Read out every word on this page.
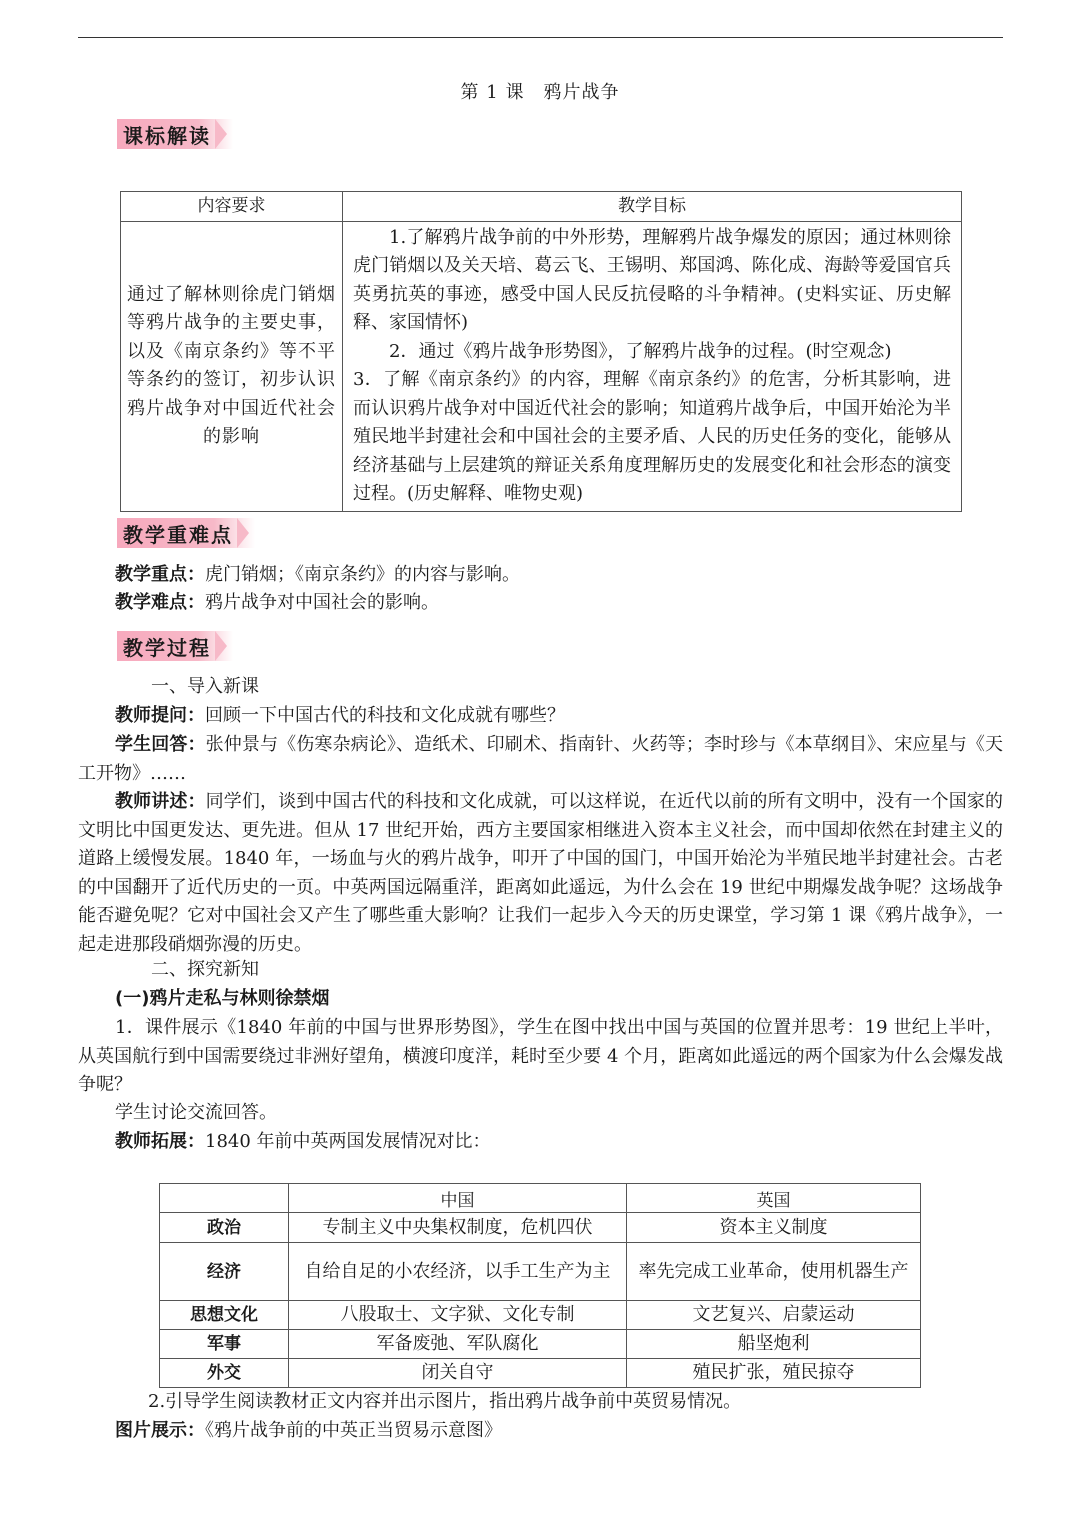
第 1 课　鸦片战争
课标解读
内容要求	教学目标
通过了解林则徐虎门销烟等鸦片战争的主要史事，以及《南京条约》等不平等条约的签订，初步认识鸦片战争对中国近代社会的影响	1.了解鸦片战争前的中外形势，理解鸦片战争爆发的原因；通过林则徐虎门销烟以及关天培、葛云飞、王锡明、郑国鸿、陈化成、海龄等爱国官兵英勇抗英的事迹，感受中国人民反抗侵略的斗争精神。(史料实证、历史解释、家国情怀)

2．通过《鸦片战争形势图》，了解鸦片战争的过程。(时空观念)

3．了解《南京条约》的内容，理解《南京条约》的危害，分析其影响，进而认识鸦片战争对中国近代社会的影响；知道鸦片战争后，中国开始沦为半殖民地半封建社会和中国社会的主要矛盾、人民的历史任务的变化，能够从经济基础与上层建筑的辩证关系角度理解历史的发展变化和社会形态的演变过程。(历史解释、唯物史观)

教学重难点

教学重点：虎门销烟；《南京条约》的内容与影响。

教学难点：鸦片战争对中国社会的影响。

教学过程

一、导入新课

教师提问：回顾一下中国古代的科技和文化成就有哪些？

学生回答：张仲景与《伤寒杂病论》、造纸术、印刷术、指南针、火药等；李时珍与《本草纲目》、宋应星与《天工开物》……

教师讲述：同学们，谈到中国古代的科技和文化成就，可以这样说，在近代以前的所有文明中，没有一个国家的文明比中国更发达、更先进。但从 17 世纪开始，西方主要国家相继进入资本主义社会，而中国却依然在封建主义的道路上缓慢发展。1840 年，一场血与火的鸦片战争，叩开了中国的国门，中国开始沦为半殖民地半封建社会。古老的中国翻开了近代历史的一页。中英两国远隔重洋，距离如此遥远，为什么会在 19 世纪中期爆发战争呢？这场战争能否避免呢？它对中国社会又产生了哪些重大影响？让我们一起步入今天的历史课堂，学习第 1 课《鸦片战争》，一起走进那段硝烟弥漫的历史。

二、探究新知

(一)鸦片走私与林则徐禁烟

1．课件展示《1840 年前的中国与世界形势图》，学生在图中找出中国与英国的位置并思考：19 世纪上半叶，从英国航行到中国需要绕过非洲好望角，横渡印度洋，耗时至少要 4 个月，距离如此遥远的两个国家为什么会爆发战争呢？

学生讨论交流回答。

教师拓展：1840 年前中英两国发展情况对比：

	中国	英国
政治	专制主义中央集权制度，危机四伏	资本主义制度
经济	自给自足的小农经济，以手工生产为主	率先完成工业革命，使用机器生产
思想文化	八股取士、文字狱、文化专制	文艺复兴、启蒙运动
军事	军备废弛、军队腐化	船坚炮利
外交	闭关自守	殖民扩张，殖民掠夺

2.引导学生阅读教材正文内容并出示图片，指出鸦片战争前中英贸易情况。

图片展示：《鸦片战争前的中英正当贸易示意图》
